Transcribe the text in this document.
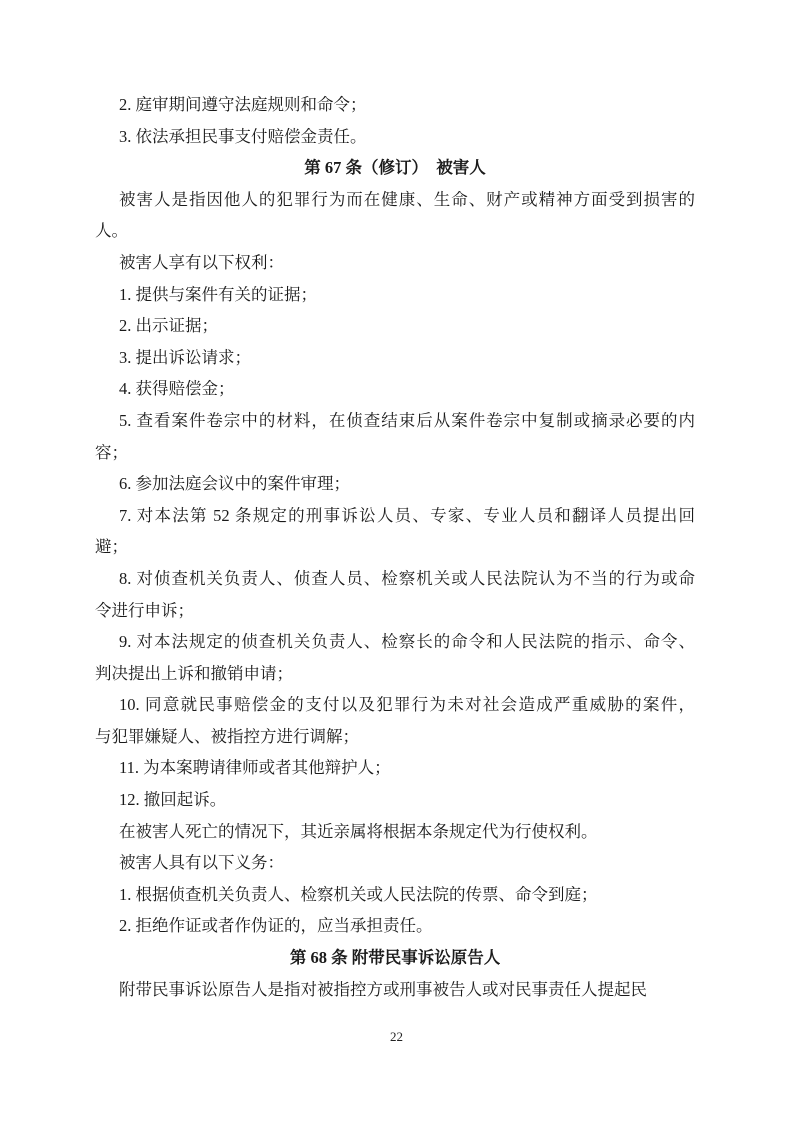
2. 庭审期间遵守法庭规则和命令；
3. 依法承担民事支付赔偿金责任。
第 67 条（修订）　被害人
被害人是指因他人的犯罪行为而在健康、生命、财产或精神方面受到损害的
人。
被害人享有以下权利：
1. 提供与案件有关的证据；
2. 出示证据；
3. 提出诉讼请求；
4. 获得赔偿金；
5. 查看案件卷宗中的材料，在侦查结束后从案件卷宗中复制或摘录必要的内
容；
6. 参加法庭会议中的案件审理；
7. 对本法第 52 条规定的刑事诉讼人员、专家、专业人员和翻译人员提出回
避；
8. 对侦查机关负责人、侦查人员、检察机关或人民法院认为不当的行为或命
令进行申诉；
9. 对本法规定的侦查机关负责人、检察长的命令和人民法院的指示、命令、
判决提出上诉和撤销申请；
10. 同意就民事赔偿金的支付以及犯罪行为未对社会造成严重威胁的案件，
与犯罪嫌疑人、被指控方进行调解；
11. 为本案聘请律师或者其他辩护人；
12. 撤回起诉。
在被害人死亡的情况下，其近亲属将根据本条规定代为行使权利。
被害人具有以下义务：
1. 根据侦查机关负责人、检察机关或人民法院的传票、命令到庭；
2. 拒绝作证或者作伪证的，应当承担责任。
第 68 条 附带民事诉讼原告人
附带民事诉讼原告人是指对被指控方或刑事被告人或对民事责任人提起民
22
